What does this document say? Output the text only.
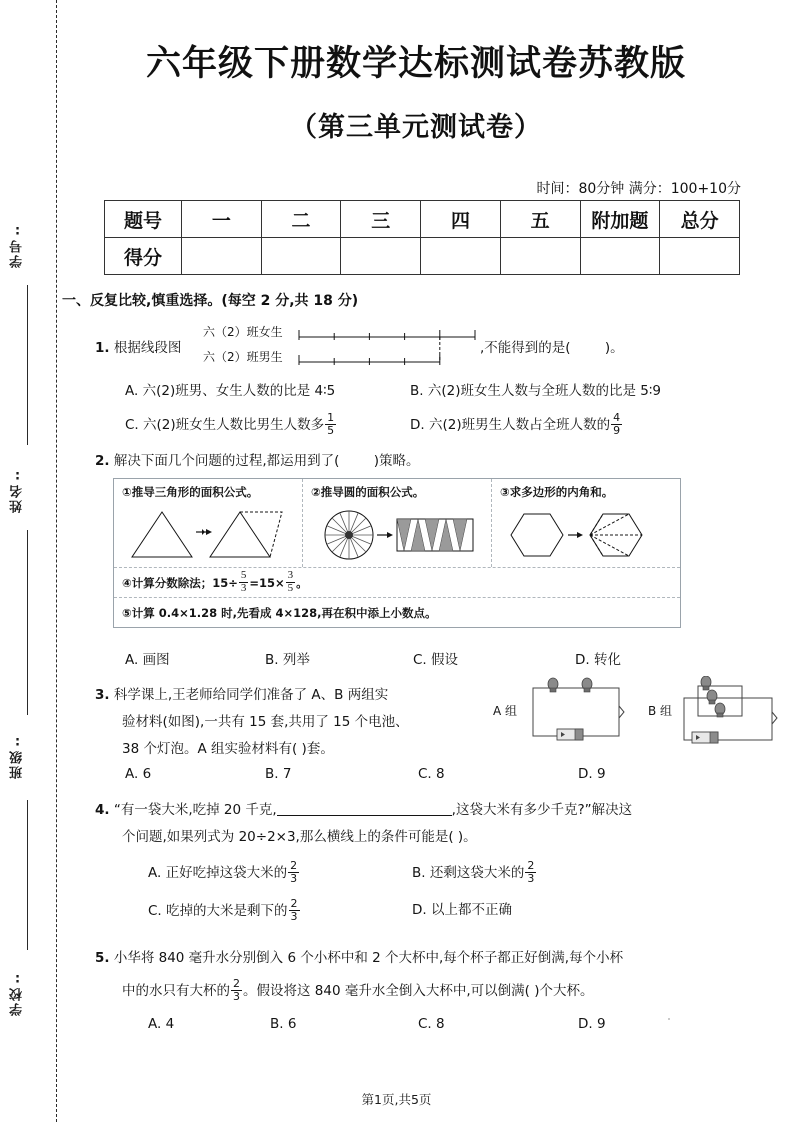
学号:
姓名:
班级:
学校:
六年级下册数学达标测试卷苏教版
（第三单元测试卷）
时间：80分钟 满分：100+10分
题号	一	二	三	四	五	附加题	总分
得分							
一、反复比较,慎重选择。(每空 2 分,共 18 分)
1. 根据线段图
六（2）班女生
六（2）班男生
,不能得到的是(	)。
A. 六(2)班男、女生人数的比是 4∶5	B. 六(2)班女生人数与全班人数的比是 5∶9
C. 六(2)班女生人数比男生人数多 $\frac{1}{5}$	D. 六(2)班男生人数占全班人数的 $\frac{4}{9}$
2. 解决下面几个问题的过程,都运用到了(	)策略。
①推导三角形的面积公式。	②推导圆的面积公式。	③求多边形的内角和。
④计算分数除法；$15\div \frac{5}{3} =15\times \frac{3}{5}$ 。
⑤计算 0.4×1.28 时,先看成 4×128,再在积中添上小数点。
A. 画图	B. 列举	C. 假设	D. 转化
3. 科学课上,王老师给同学们准备了 A、B 两组实
验材料(如图),一共有 15 套,共用了 15 个电池、
38 个灯泡。A 组实验材料有( )套。
A 组	B 组
A. 6	B. 7	C. 8	D. 9
4. “有一袋大米,吃掉 20 千克,	,这袋大米有多少千克?”解决这
个问题,如果列式为 20÷2×3,那么横线上的条件可能是( )。
A. 正好吃掉这袋大米的 $\frac{2}{3}$	B. 还剩这袋大米的 $\frac{2}{3}$
C. 吃掉的大米是剩下的 $\frac{2}{3}$	D. 以上都不正确
5. 小华将 840 毫升水分别倒入 6 个小杯中和 2 个大杯中,每个杯子都正好倒满,每个小杯
中的水只有大杯的 $\frac{2}{3}$ 。假设将这 840 毫升水全倒入大杯中,可以倒满( )个大杯。
A. 4	B. 6	C. 8	D. 9
第1页,共5页
